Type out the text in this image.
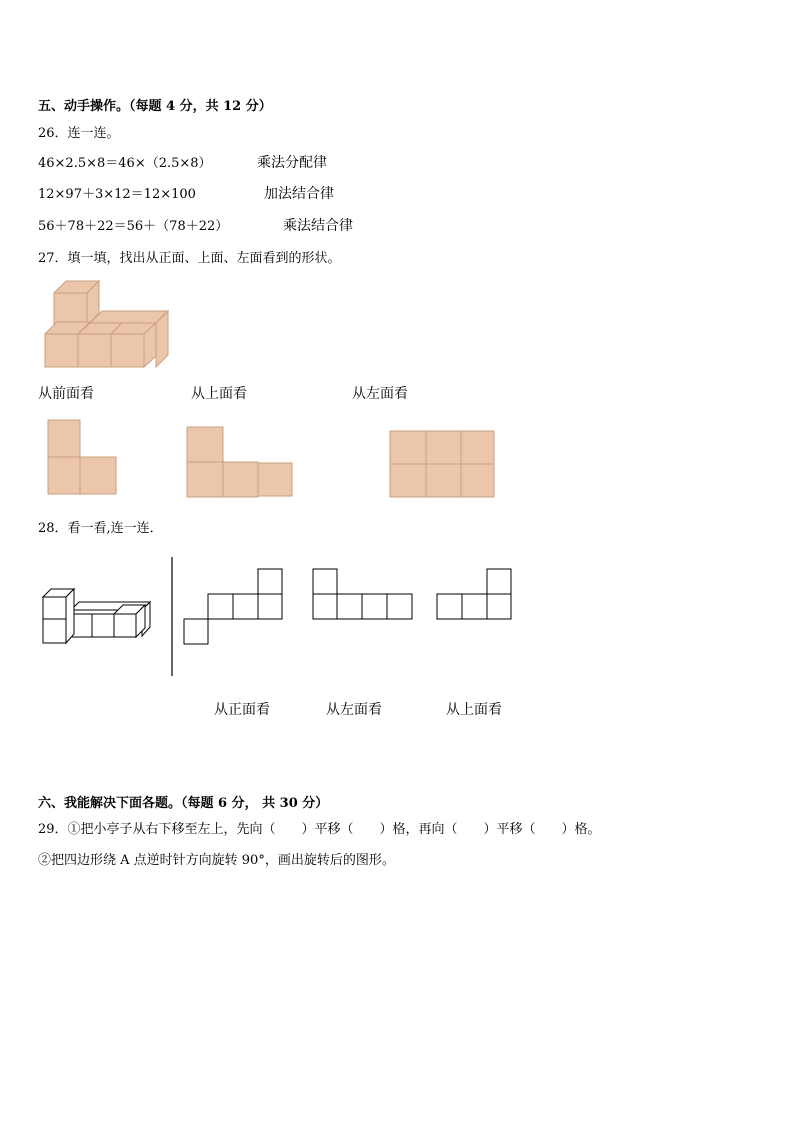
五、动手操作。（每题 4 分，共 12 分）
26．连一连。
46×2.5×8＝46×（2.5×8）	乘法分配律
12×97＋3×12＝12×100	加法结合律
56＋78＋22＝56＋（78＋22）	乘法结合律
27．填一填，找出从正面、上面、左面看到的形状。
从前面看	从上面看	从左面看
28．看一看,连一连．
从正面看	从左面看	从上面看
六、我能解决下面各题。（每题 6 分， 共 30 分）
29．①把小亭子从右下移至左上，先向（　　）平移（　　）格，再向（　　）平移（　　）格。
②把四边形绕 A 点逆时针方向旋转 90°，画出旋转后的图形。
